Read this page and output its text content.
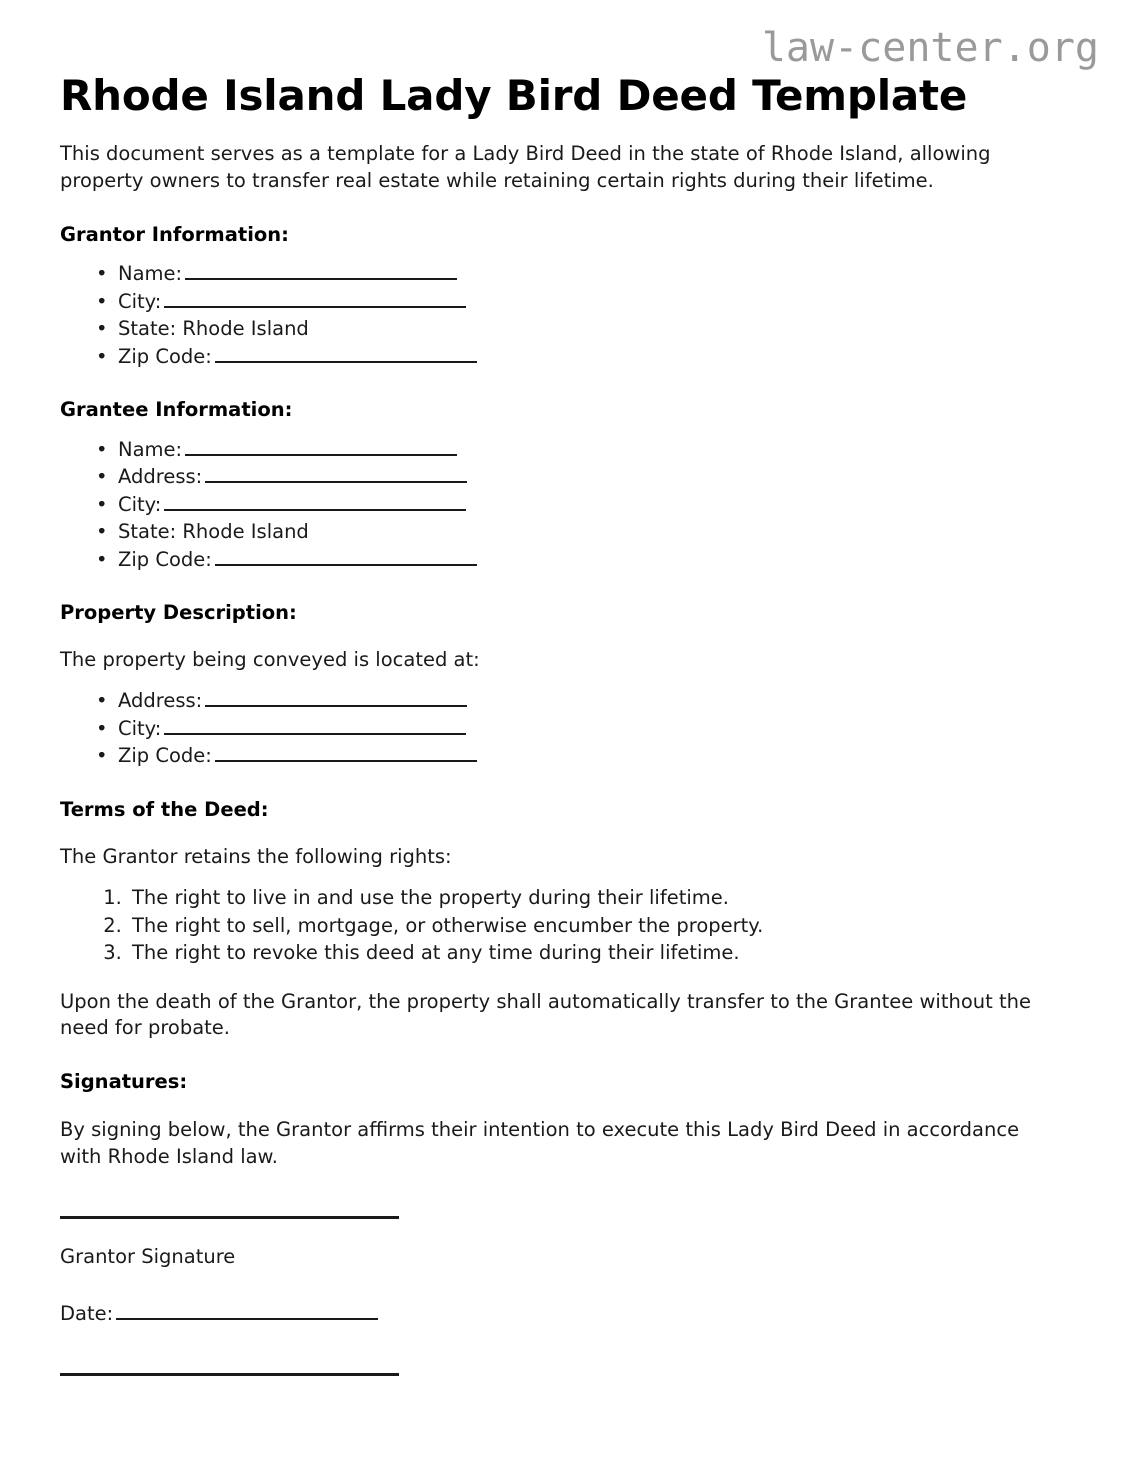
law-center.org
Rhode Island Lady Bird Deed Template

This document serves as a template for a Lady Bird Deed in the state of Rhode Island, allowing property owners to transfer real estate while retaining certain rights during their lifetime.

Grantor Information:
• Name:
• City:
• State: Rhode Island
• Zip Code:
Grantee Information:
• Name:
• Address:
• City:
• State: Rhode Island
• Zip Code:
Property Description:

The property being conveyed is located at:

• Address:
• City:
• Zip Code:
Terms of the Deed:

The Grantor retains the following rights:

1. The right to live in and use the property during their lifetime.
2. The right to sell, mortgage, or otherwise encumber the property.
3. The right to revoke this deed at any time during their lifetime.

Upon the death of the Grantor, the property shall automatically transfer to the Grantee without the need for probate.

Signatures:

By signing below, the Grantor affirms their intention to execute this Lady Bird Deed in accordance with Rhode Island law.

Grantor Signature

Date:
